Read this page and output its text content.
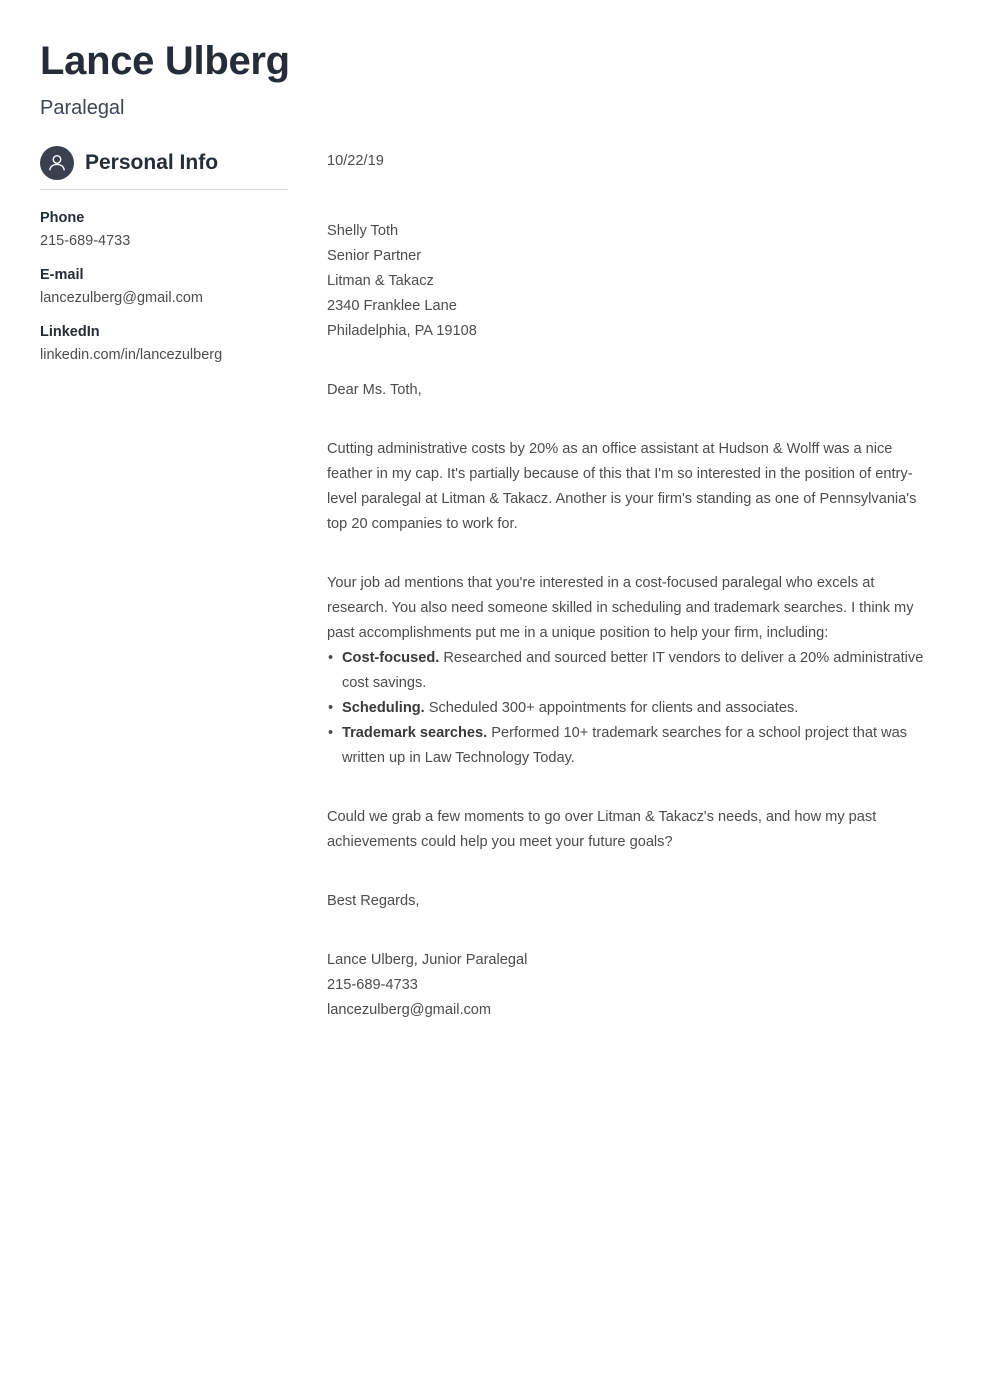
Lance Ulberg
Paralegal
Personal Info
Phone
215-689-4733
E-mail
lancezulberg@gmail.com
LinkedIn
linkedin.com/in/lancezulberg

10/22/19

Shelly Toth
Senior Partner
Litman & Takacz
2340 Franklee Lane
Philadelphia, PA 19108

Dear Ms. Toth,

Cutting administrative costs by 20% as an office assistant at Hudson & Wolff was a nice feather in my cap. It's partially because of this that I'm so interested in the position of entry-level paralegal at Litman & Takacz. Another is your firm's standing as one of Pennsylvania's top 20 companies to work for.

Your job ad mentions that you're interested in a cost-focused paralegal who excels at research. You also need someone skilled in scheduling and trademark searches. I think my past accomplishments put me in a unique position to help your firm, including:

• Cost-focused. Researched and sourced better IT vendors to deliver a 20% administrative cost savings.
• Scheduling. Scheduled 300+ appointments for clients and associates.
• Trademark searches. Performed 10+ trademark searches for a school project that was written up in Law Technology Today.

Could we grab a few moments to go over Litman & Takacz's needs, and how my past achievements could help you meet your future goals?

Best Regards,

Lance Ulberg, Junior Paralegal
215-689-4733
lancezulberg@gmail.com
